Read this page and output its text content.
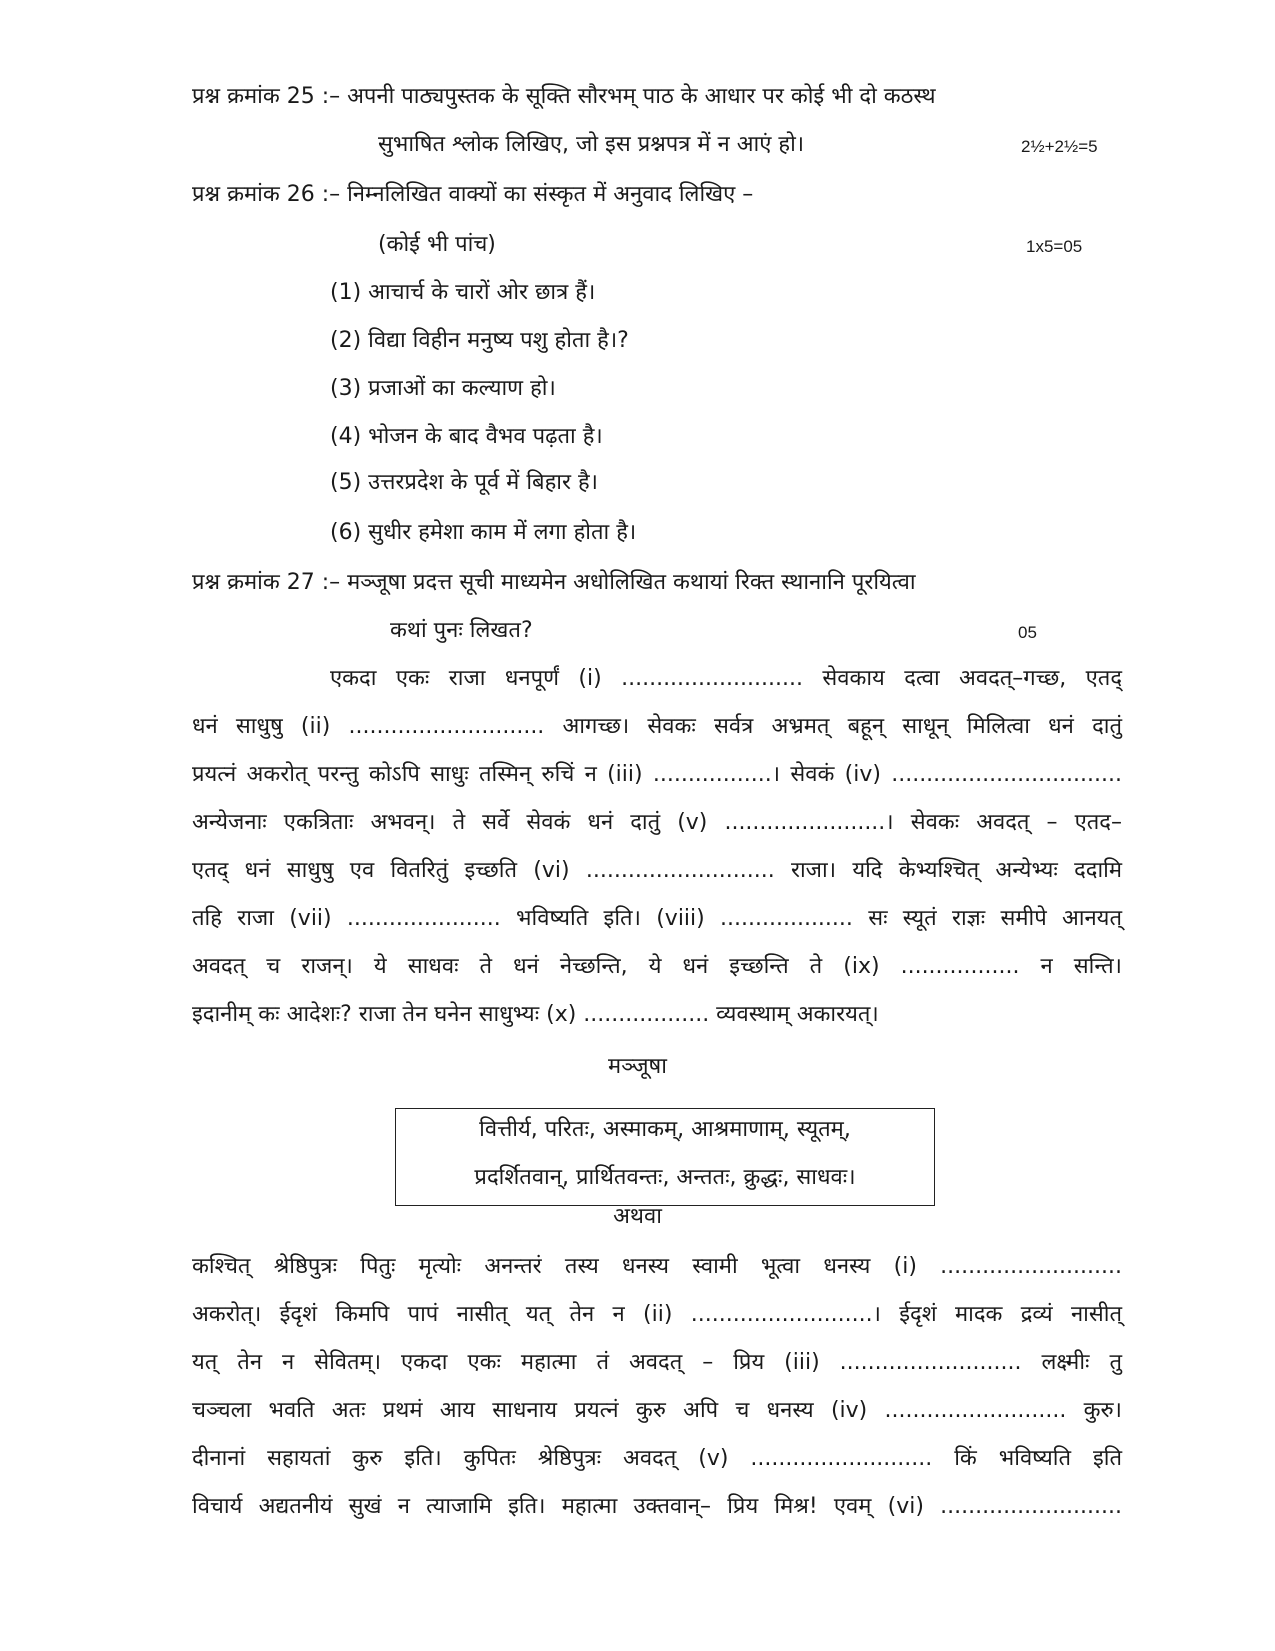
प्रश्न क्रमांक 25 :– अपनी पाठ्यपुस्तक के सूक्ति सौरभम् पाठ के आधार पर कोई भी दो कठस्थ
सुभाषित श्लोक लिखिए, जो इस प्रश्नपत्र में न आएं हो।	2½+2½=5
प्रश्न क्रमांक 26 :– निम्नलिखित वाक्यों का संस्कृत में अनुवाद लिखिए –
(कोई भी पांच)	1x5=05
(1) आचार्च के चारों ओर छात्र हैं।
(2) विद्या विहीन मनुष्य पशु होता है।?
(3) प्रजाओं का कल्याण हो।
(4) भोजन के बाद वैभव पढ़ता है।
(5) उत्तरप्रदेश के पूर्व में बिहार है।
(6) सुधीर हमेशा काम में लगा होता है।
प्रश्न क्रमांक 27 :– मञ्जूषा प्रदत्त सूची माध्यमेन अधोलिखित कथायां रिक्त स्थानानि पूरयित्वा
कथां पुनः लिखत?	05
एकदा एकः राजा धनपूर्णं (i) .......................... सेवकाय दत्वा अवदत्–गच्छ, एतद्
धनं साधुषु (ii) ............................ आगच्छ। सेवकः सर्वत्र अभ्रमत् बहून् साधून् मिलित्वा धनं दातुं
प्रयत्नं अकरोत् परन्तु कोऽपि साधुः तस्मिन् रुचिं न (iii) .................। सेवकं (iv) .................................
अन्येजनाः एकत्रिताः अभवन्। ते सर्वे सेवकं धनं दातुं (v) .......................। सेवकः अवदत् – एतद–
एतद् धनं साधुषु एव वितरितुं इच्छति (vi) ........................... राजा। यदि केभ्यश्चित् अन्येभ्यः ददामि
तहि राजा (vii) ...................... भविष्यति इति। (viii) ................... सः स्यूतं राज्ञः समीपे आनयत्
अवदत् च राजन्। ये साधवः ते धनं नेच्छन्ति, ये धनं इच्छन्ति ते (ix) ................. न सन्ति।
इदानीम् कः आदेशः? राजा तेन घनेन साधुभ्यः (x) .................. व्यवस्थाम् अकारयत्।
मञ्जूषा
वित्तीर्य, परितः, अस्माकम्, आश्रमाणाम्, स्यूतम्,
प्रदर्शितवान्, प्रार्थितवन्तः, अन्ततः, क्रुद्धः, साधवः।
अथवा
कश्चित् श्रेष्ठिपुत्रः पितुः मृत्योः अनन्तरं तस्य धनस्य स्वामी भूत्वा धनस्य (i) ..........................
अकरोत्। ईदृशं किमपि पापं नासीत् यत् तेन न (ii) ..........................। ईदृशं मादक द्रव्यं नासीत्
यत् तेन न सेवितम्। एकदा एकः महात्मा तं अवदत् – प्रिय (iii) .......................... लक्ष्मीः तु
चञ्चला भवति अतः प्रथमं आय साधनाय प्रयत्नं कुरु अपि च धनस्य (iv) .......................... कुरु।
दीनानां सहायतां कुरु इति। कुपितः श्रेष्ठिपुत्रः अवदत् (v) .......................... किं भविष्यति इति
विचार्य अद्यतनीयं सुखं न त्याजामि इति। महात्मा उक्तवान्– प्रिय मिश्र! एवम् (vi) ..........................
